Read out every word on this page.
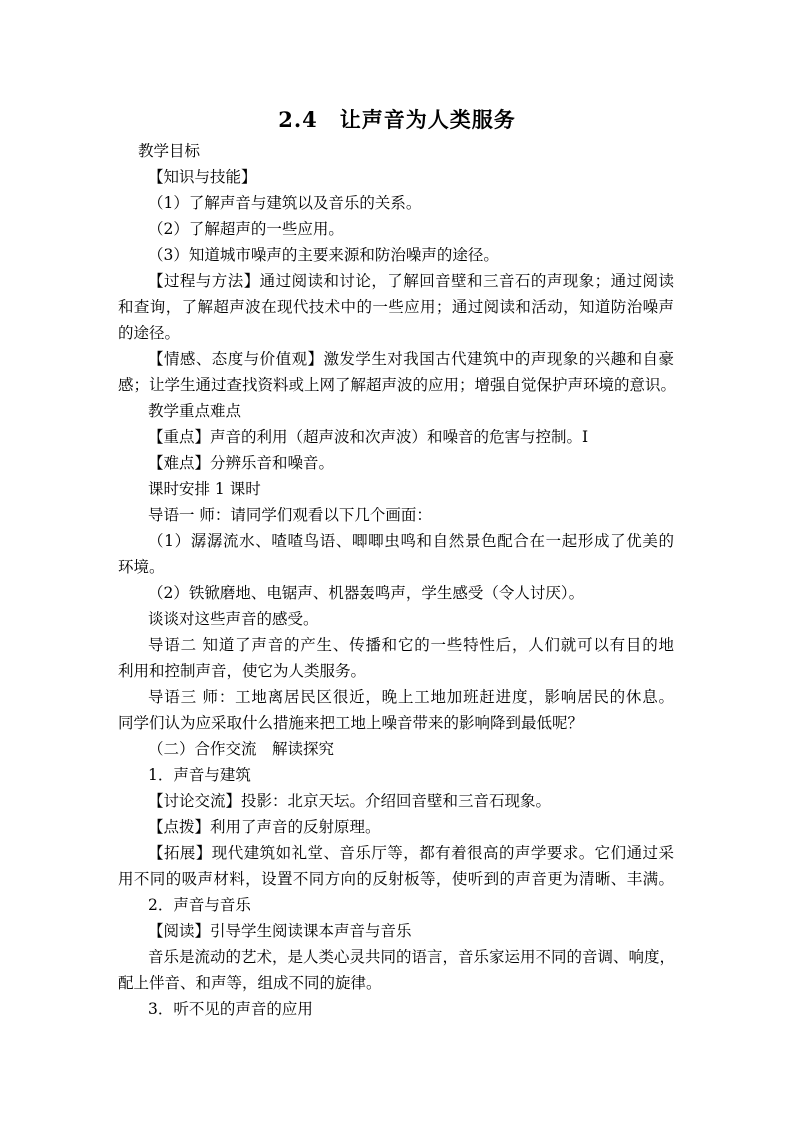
2.4　让声音为人类服务
教学目标
【知识与技能】
（1）了解声音与建筑以及音乐的关系。
（2）了解超声的一些应用。
（3）知道城市噪声的主要来源和防治噪声的途径。
【过程与方法】通过阅读和讨论，了解回音壁和三音石的声现象；通过阅读
和查询，了解超声波在现代技术中的一些应用；通过阅读和活动，知道防治噪声
的途径。
【情感、态度与价值观】激发学生对我国古代建筑中的声现象的兴趣和自豪
感；让学生通过查找资料或上网了解超声波的应用；增强自觉保护声环境的意识。
教学重点难点
【重点】声音的利用（超声波和次声波）和噪音的危害与控制。I
【难点】分辨乐音和噪音。
课时安排 1 课时
导语一 师：请同学们观看以下几个画面：
（1）潺潺流水、喳喳鸟语、唧唧虫鸣和自然景色配合在一起形成了优美的
环境。
（2）铁锨磨地、电锯声、机器轰鸣声，学生感受（令人讨厌）。
谈谈对这些声音的感受。
导语二 知道了声音的产生、传播和它的一些特性后，人们就可以有目的地
利用和控制声音，使它为人类服务。
导语三 师：工地离居民区很近，晚上工地加班赶进度，影响居民的休息。
同学们认为应采取什么措施来把工地上噪音带来的影响降到最低呢？
（二）合作交流　解读探究
1．声音与建筑
【讨论交流】投影：北京天坛。介绍回音壁和三音石现象。
【点拨】利用了声音的反射原理。
【拓展】现代建筑如礼堂、音乐厅等，都有着很高的声学要求。它们通过采
用不同的吸声材料，设置不同方向的反射板等，使听到的声音更为清晰、丰满。
2．声音与音乐
【阅读】引导学生阅读课本声音与音乐
音乐是流动的艺术，是人类心灵共同的语言，音乐家运用不同的音调、响度，
配上伴音、和声等，组成不同的旋律。
3．听不见的声音的应用
